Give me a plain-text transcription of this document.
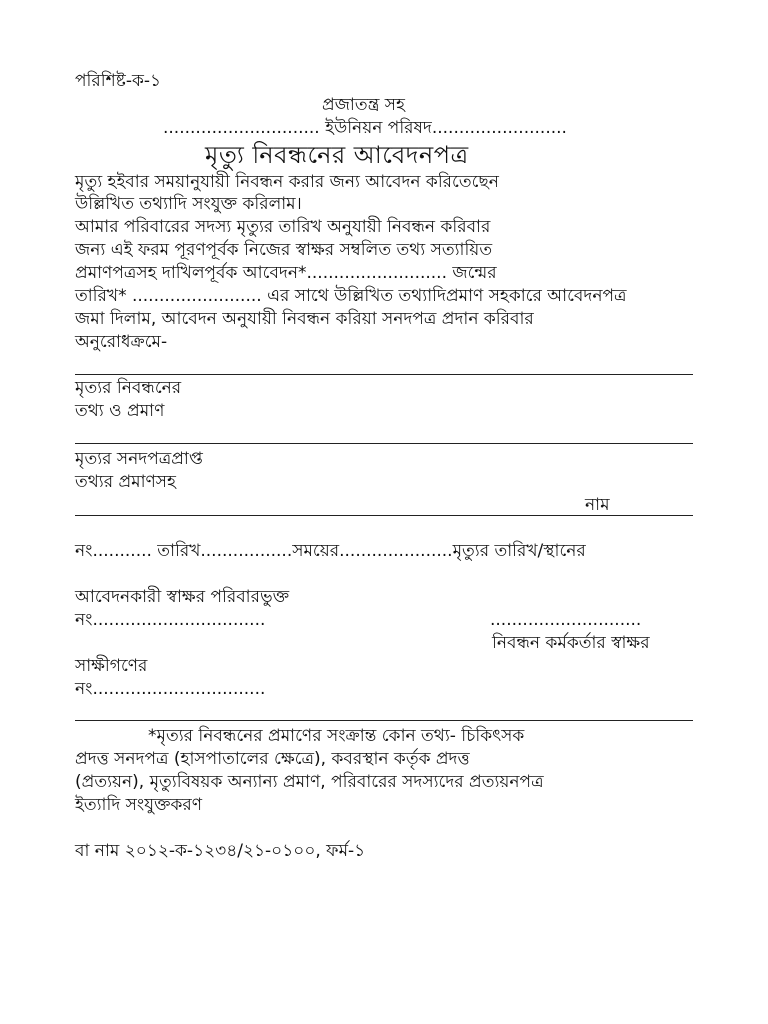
পরিশিষ্ট-ক-১
প্রজাতন্ত্র সহ
............................. ইউনিয়ন পরিষদ.........................
মৃত্যু নিবন্ধনের আবেদনপত্র
মৃত্যু হইবার সময়ানুযায়ী নিবন্ধন করার জন্য আবেদন করিতেছেন
উল্লিখিত তথ্যাদি সংযুক্ত করিলাম।
আমার পরিবারের সদস্য মৃত্যুর তারিখ অনুযায়ী নিবন্ধন করিবার
জন্য এই ফরম পূরণপূর্বক নিজের স্বাক্ষর সম্বলিত তথ্য সত্যায়িত
প্রমাণপত্রসহ দাখিলপূর্বক আবেদন*.......................... জন্মের
তারিখ* ........................ এর সাথে উল্লিখিত তথ্যাদিপ্রমাণ সহকারে আবেদনপত্র
জমা দিলাম, আবেদন অনুযায়ী নিবন্ধন করিয়া সনদপত্র প্রদান করিবার
অনুরোধক্রমে-
মৃত্যর নিবন্ধনের
তথ্য ও প্রমাণ
মৃত্যর সনদপত্রপ্রাপ্ত
তথ্যর প্রমাণসহ
নাম
নং........... তারিখ.................সময়ের.....................মৃত্যুর তারিখ/স্থানের
আবেদনকারী স্বাক্ষর পরিবারভুক্ত
নং................................	............................
নিবন্ধন কর্মকর্তার স্বাক্ষর
সাক্ষীগণের
নং................................
*মৃত্যর নিবন্ধনের প্রমাণের সংক্রান্ত কোন তথ্য- চিকিৎসক
প্রদত্ত সনদপত্র (হাসপাতালের ক্ষেত্রে), কবরস্থান কর্তৃক প্রদত্ত
(প্রত্যয়ন), মৃত্যুবিষয়ক অন্যান্য প্রমাণ, পরিবারের সদস্যদের প্রত্যয়নপত্র
ইত্যাদি সংযুক্তকরণ
বা নাম ২০১২-ক-১২৩৪/২১-০১০০, ফর্ম-১
